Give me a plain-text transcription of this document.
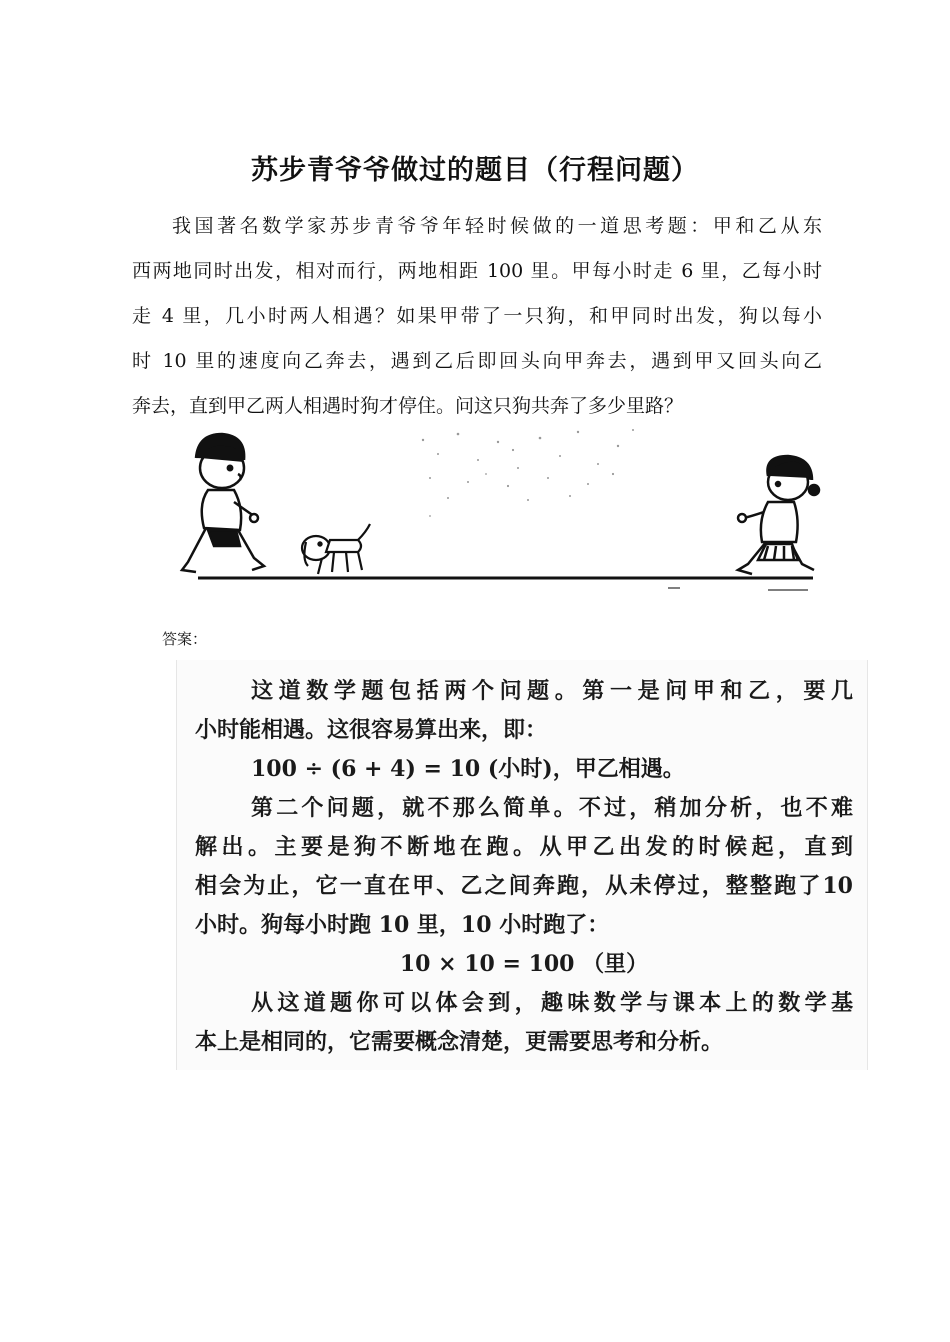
苏步青爷爷做过的题目（行程问题）
我国著名数学家苏步青爷爷年轻时候做的一道思考题：甲和乙从东
西两地同时出发，相对而行，两地相距 100 里。甲每小时走 6 里，乙每小时
走 4 里，几小时两人相遇？如果甲带了一只狗，和甲同时出发，狗以每小
时 10 里的速度向乙奔去，遇到乙后即回头向甲奔去，遇到甲又回头向乙
奔去，直到甲乙两人相遇时狗才停住。问这只狗共奔了多少里路？
答案：
这道数学题包括两个问题。第一是问甲和乙，要几
小时能相遇。这很容易算出来，即：
100 ÷ (6 + 4) = 10 (小时)，甲乙相遇。
第二个问题，就不那么简单。不过，稍加分析，也不难
解出。主要是狗不断地在跑。从甲乙出发的时候起，直到
相会为止，它一直在甲、乙之间奔跑，从未停过，整整跑了10
小时。狗每小时跑 10 里，10 小时跑了：
10 × 10 = 100 （里）
从这道题你可以体会到，趣味数学与课本上的数学基
本上是相同的，它需要概念清楚，更需要思考和分析。
